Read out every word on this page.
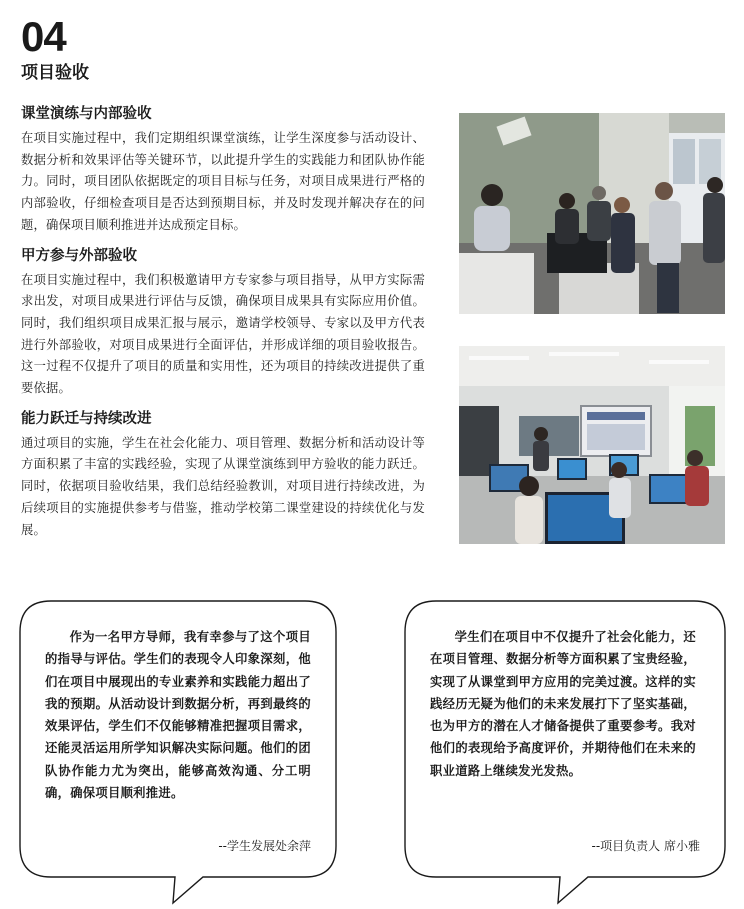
04
项目验收
课堂演练与内部验收
在项目实施过程中，我们定期组织课堂演练，让学生深度参与活动设计、数据分析和效果评估等关键环节，以此提升学生的实践能力和团队协作能力。同时，项目团队依据既定的项目目标与任务，对项目成果进行严格的内部验收，仔细检查项目是否达到预期目标，并及时发现并解决存在的问题，确保项目顺利推进并达成预定目标。
甲方参与外部验收
在项目实施过程中，我们积极邀请甲方专家参与项目指导，从甲方实际需求出发，对项目成果进行评估与反馈，确保项目成果具有实际应用价值。同时，我们组织项目成果汇报与展示，邀请学校领导、专家以及甲方代表进行外部验收，对项目成果进行全面评估，并形成详细的项目验收报告。这一过程不仅提升了项目的质量和实用性，还为项目的持续改进提供了重要依据。
能力跃迁与持续改进
通过项目的实施，学生在社会化能力、项目管理、数据分析和活动设计等方面积累了丰富的实践经验，实现了从课堂演练到甲方验收的能力跃迁。同时，依据项目验收结果，我们总结经验教训，对项目进行持续改进，为后续项目的实施提供参考与借鉴，推动学校第二课堂建设的持续优化与发展。
作为一名甲方导师，我有幸参与了这个项目的指导与评估。学生们的表现令人印象深刻，他们在项目中展现出的专业素养和实践能力超出了我的预期。从活动设计到数据分析，再到最终的效果评估，学生们不仅能够精准把握项目需求，还能灵活运用所学知识解决实际问题。他们的团队协作能力尤为突出，能够高效沟通、分工明确，确保项目顺利推进。
--学生发展处余萍
学生们在项目中不仅提升了社会化能力，还在项目管理、数据分析等方面积累了宝贵经验，实现了从课堂到甲方应用的完美过渡。这样的实践经历无疑为他们的未来发展打下了坚实基础，也为甲方的潜在人才储备提供了重要参考。我对他们的表现给予高度评价，并期待他们在未来的职业道路上继续发光发热。
--项目负责人 席小雅
